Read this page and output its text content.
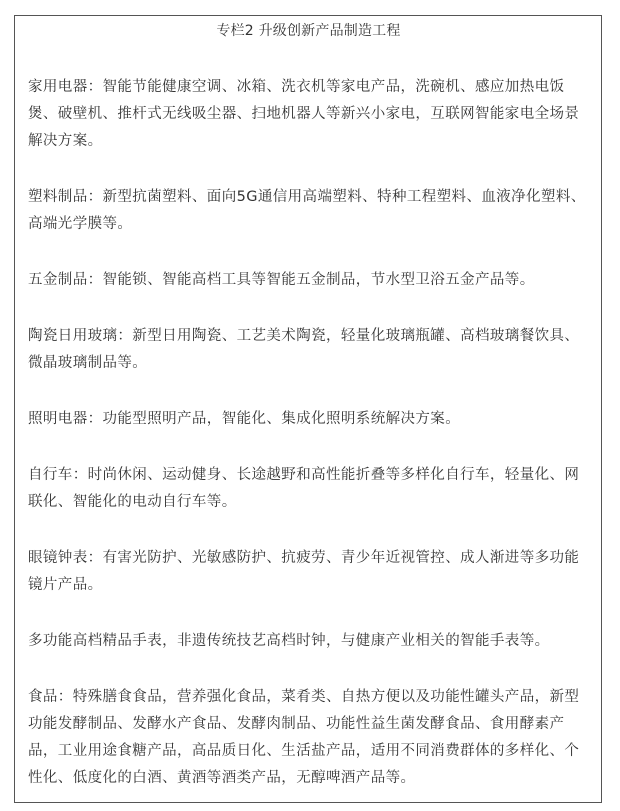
专栏2 升级创新产品制造工程

家用电器：智能节能健康空调、冰箱、洗衣机等家电产品，洗碗机、感应加热电饭煲、破壁机、推杆式无线吸尘器、扫地机器人等新兴小家电，互联网智能家电全场景解决方案。

塑料制品：新型抗菌塑料、面向5G通信用高端塑料、特种工程塑料、血液净化塑料、高端光学膜等。

五金制品：智能锁、智能高档工具等智能五金制品，节水型卫浴五金产品等。

陶瓷日用玻璃：新型日用陶瓷、工艺美术陶瓷，轻量化玻璃瓶罐、高档玻璃餐饮具、微晶玻璃制品等。

照明电器：功能型照明产品，智能化、集成化照明系统解决方案。

自行车：时尚休闲、运动健身、长途越野和高性能折叠等多样化自行车，轻量化、网联化、智能化的电动自行车等。

眼镜钟表：有害光防护、光敏感防护、抗疲劳、青少年近视管控、成人渐进等多功能镜片产品。

多功能高档精品手表，非遗传统技艺高档时钟，与健康产业相关的智能手表等。

食品：特殊膳食食品，营养强化食品，菜肴类、自热方便以及功能性罐头产品，新型功能发酵制品、发酵水产食品、发酵肉制品、功能性益生菌发酵食品、食用酵素产品，工业用途食糖产品，高品质日化、生活盐产品，适用不同消费群体的多样化、个性化、低度化的白酒、黄酒等酒类产品，无醇啤酒产品等。
